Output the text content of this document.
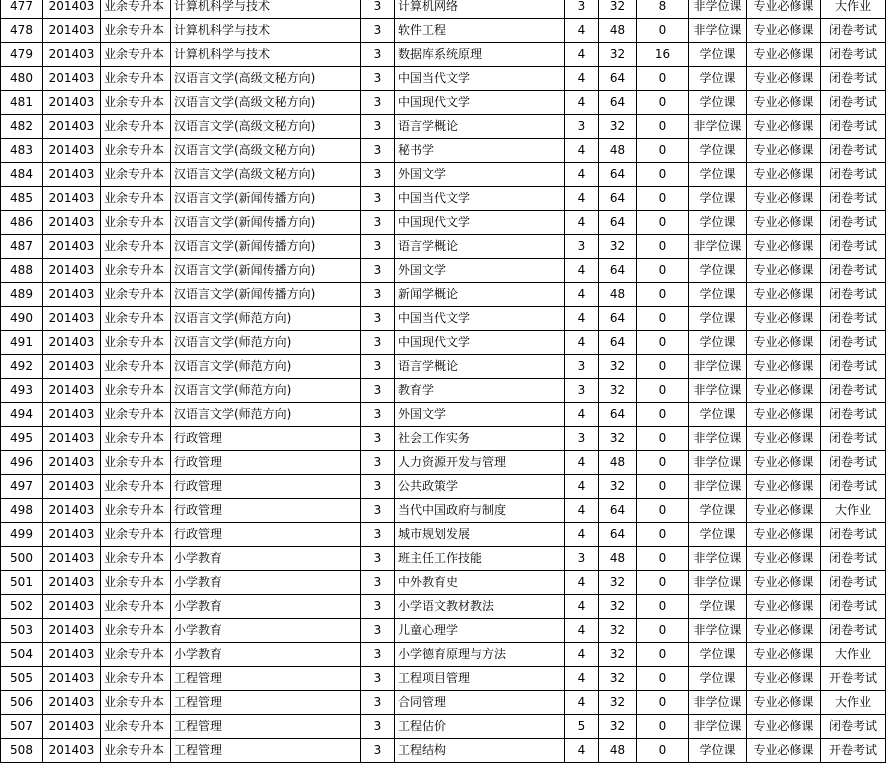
477	201403	业余专升本	计算机科学与技术	3	计算机网络	3	32	8	非学位课	专业必修课	大作业
478	201403	业余专升本	计算机科学与技术	3	软件工程	4	48	0	非学位课	专业必修课	闭卷考试
479	201403	业余专升本	计算机科学与技术	3	数据库系统原理	4	32	16	学位课	专业必修课	闭卷考试
480	201403	业余专升本	汉语言文学(高级文秘方向)	3	中国当代文学	4	64	0	学位课	专业必修课	闭卷考试
481	201403	业余专升本	汉语言文学(高级文秘方向)	3	中国现代文学	4	64	0	学位课	专业必修课	闭卷考试
482	201403	业余专升本	汉语言文学(高级文秘方向)	3	语言学概论	3	32	0	非学位课	专业必修课	闭卷考试
483	201403	业余专升本	汉语言文学(高级文秘方向)	3	秘书学	4	48	0	学位课	专业必修课	闭卷考试
484	201403	业余专升本	汉语言文学(高级文秘方向)	3	外国文学	4	64	0	学位课	专业必修课	闭卷考试
485	201403	业余专升本	汉语言文学(新闻传播方向)	3	中国当代文学	4	64	0	学位课	专业必修课	闭卷考试
486	201403	业余专升本	汉语言文学(新闻传播方向)	3	中国现代文学	4	64	0	学位课	专业必修课	闭卷考试
487	201403	业余专升本	汉语言文学(新闻传播方向)	3	语言学概论	3	32	0	非学位课	专业必修课	闭卷考试
488	201403	业余专升本	汉语言文学(新闻传播方向)	3	外国文学	4	64	0	学位课	专业必修课	闭卷考试
489	201403	业余专升本	汉语言文学(新闻传播方向)	3	新闻学概论	4	48	0	学位课	专业必修课	闭卷考试
490	201403	业余专升本	汉语言文学(师范方向)	3	中国当代文学	4	64	0	学位课	专业必修课	闭卷考试
491	201403	业余专升本	汉语言文学(师范方向)	3	中国现代文学	4	64	0	学位课	专业必修课	闭卷考试
492	201403	业余专升本	汉语言文学(师范方向)	3	语言学概论	3	32	0	非学位课	专业必修课	闭卷考试
493	201403	业余专升本	汉语言文学(师范方向)	3	教育学	3	32	0	非学位课	专业必修课	闭卷考试
494	201403	业余专升本	汉语言文学(师范方向)	3	外国文学	4	64	0	学位课	专业必修课	闭卷考试
495	201403	业余专升本	行政管理	3	社会工作实务	3	32	0	非学位课	专业必修课	闭卷考试
496	201403	业余专升本	行政管理	3	人力资源开发与管理	4	48	0	非学位课	专业必修课	闭卷考试
497	201403	业余专升本	行政管理	3	公共政策学	4	32	0	非学位课	专业必修课	闭卷考试
498	201403	业余专升本	行政管理	3	当代中国政府与制度	4	64	0	学位课	专业必修课	大作业
499	201403	业余专升本	行政管理	3	城市规划发展	4	64	0	学位课	专业必修课	闭卷考试
500	201403	业余专升本	小学教育	3	班主任工作技能	3	48	0	非学位课	专业必修课	闭卷考试
501	201403	业余专升本	小学教育	3	中外教育史	4	32	0	非学位课	专业必修课	闭卷考试
502	201403	业余专升本	小学教育	3	小学语文教材教法	4	32	0	学位课	专业必修课	闭卷考试
503	201403	业余专升本	小学教育	3	儿童心理学	4	32	0	非学位课	专业必修课	闭卷考试
504	201403	业余专升本	小学教育	3	小学德育原理与方法	4	32	0	学位课	专业必修课	大作业
505	201403	业余专升本	工程管理	3	工程项目管理	4	32	0	学位课	专业必修课	开卷考试
506	201403	业余专升本	工程管理	3	合同管理	4	32	0	非学位课	专业必修课	大作业
507	201403	业余专升本	工程管理	3	工程估价	5	32	0	非学位课	专业必修课	闭卷考试
508	201403	业余专升本	工程管理	3	工程结构	4	48	0	学位课	专业必修课	开卷考试
